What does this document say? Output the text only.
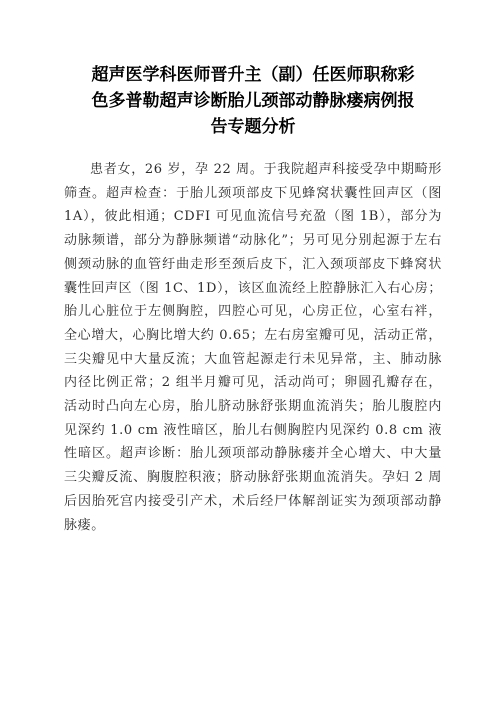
超声医学科医师晋升主（副）任医师职称彩
色多普勒超声诊断胎儿颈部动静脉瘘病例报
告专题分析

患者女，26 岁，孕 22 周。于我院超声科接受孕中期畸形筛查。超声检查：于胎儿颈项部皮下见蜂窝状囊性回声区（图 1A），彼此相通；CDFI 可见血流信号充盈（图 1B），部分为动脉频谱，部分为静脉频谱“动脉化”；另可见分别起源于左右侧颈动脉的血管纡曲走形至颈后皮下，汇入颈项部皮下蜂窝状囊性回声区（图 1C、1D），该区血流经上腔静脉汇入右心房；胎儿心脏位于左侧胸腔，四腔心可见，心房正位，心室右袢，全心增大，心胸比增大约 0.65；左右房室瓣可见，活动正常，三尖瓣见中大量反流；大血管起源走行未见异常，主、肺动脉内径比例正常；2 组半月瓣可见，活动尚可；卵圆孔瓣存在，活动时凸向左心房，胎儿脐动脉舒张期血流消失；胎儿腹腔内见深约 1.0 cm 液性暗区，胎儿右侧胸腔内见深约 0.8 cm 液性暗区。超声诊断：胎儿颈项部动静脉瘘并全心增大、中大量三尖瓣反流、胸腹腔积液；脐动脉舒张期血流消失。孕妇 2 周后因胎死宫内接受引产术，术后经尸体解剖证实为颈项部动静脉瘘。
